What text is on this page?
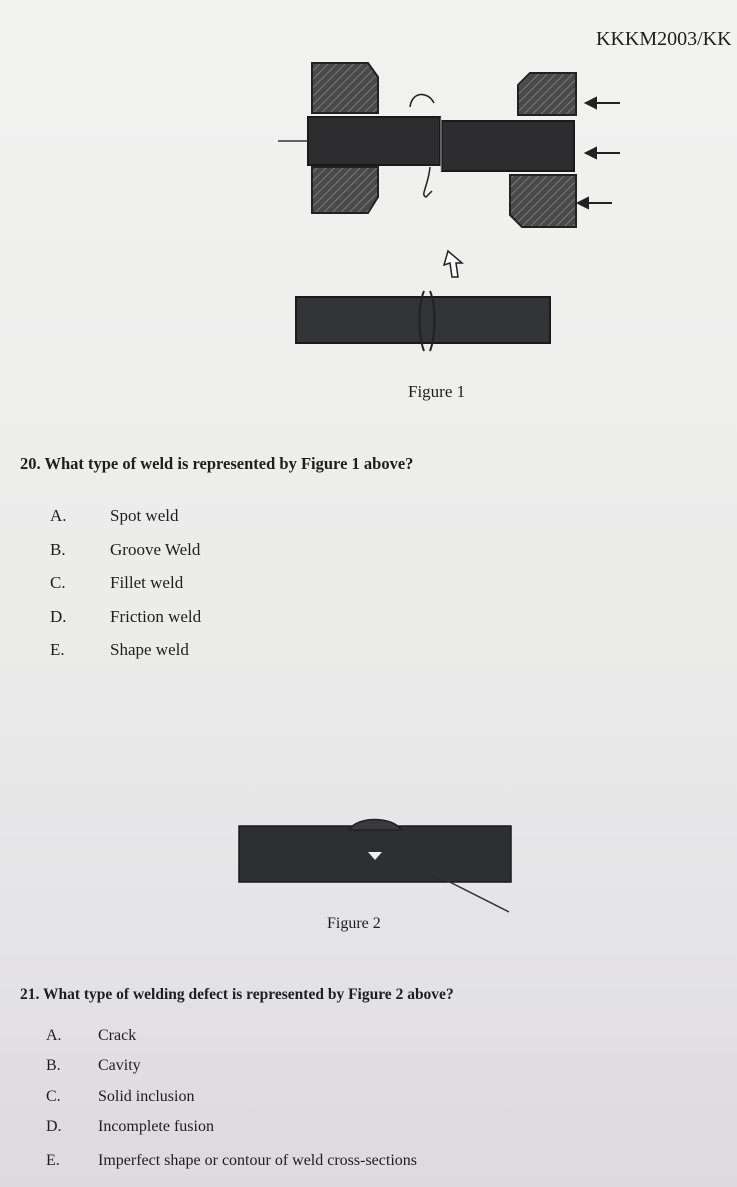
KKKM2003/KK
Figure 1
20. What type of weld is represented by Figure 1 above?
A.	Spot weld
B.	Groove Weld
C.	Fillet weld
D.	Friction weld
E.	Shape weld
Figure 2
21. What type of welding defect is represented by Figure 2 above?
A. Crack
B. Cavity
C. Solid inclusion
D. Incomplete fusion
E. Imperfect shape or contour of weld cross-sections
